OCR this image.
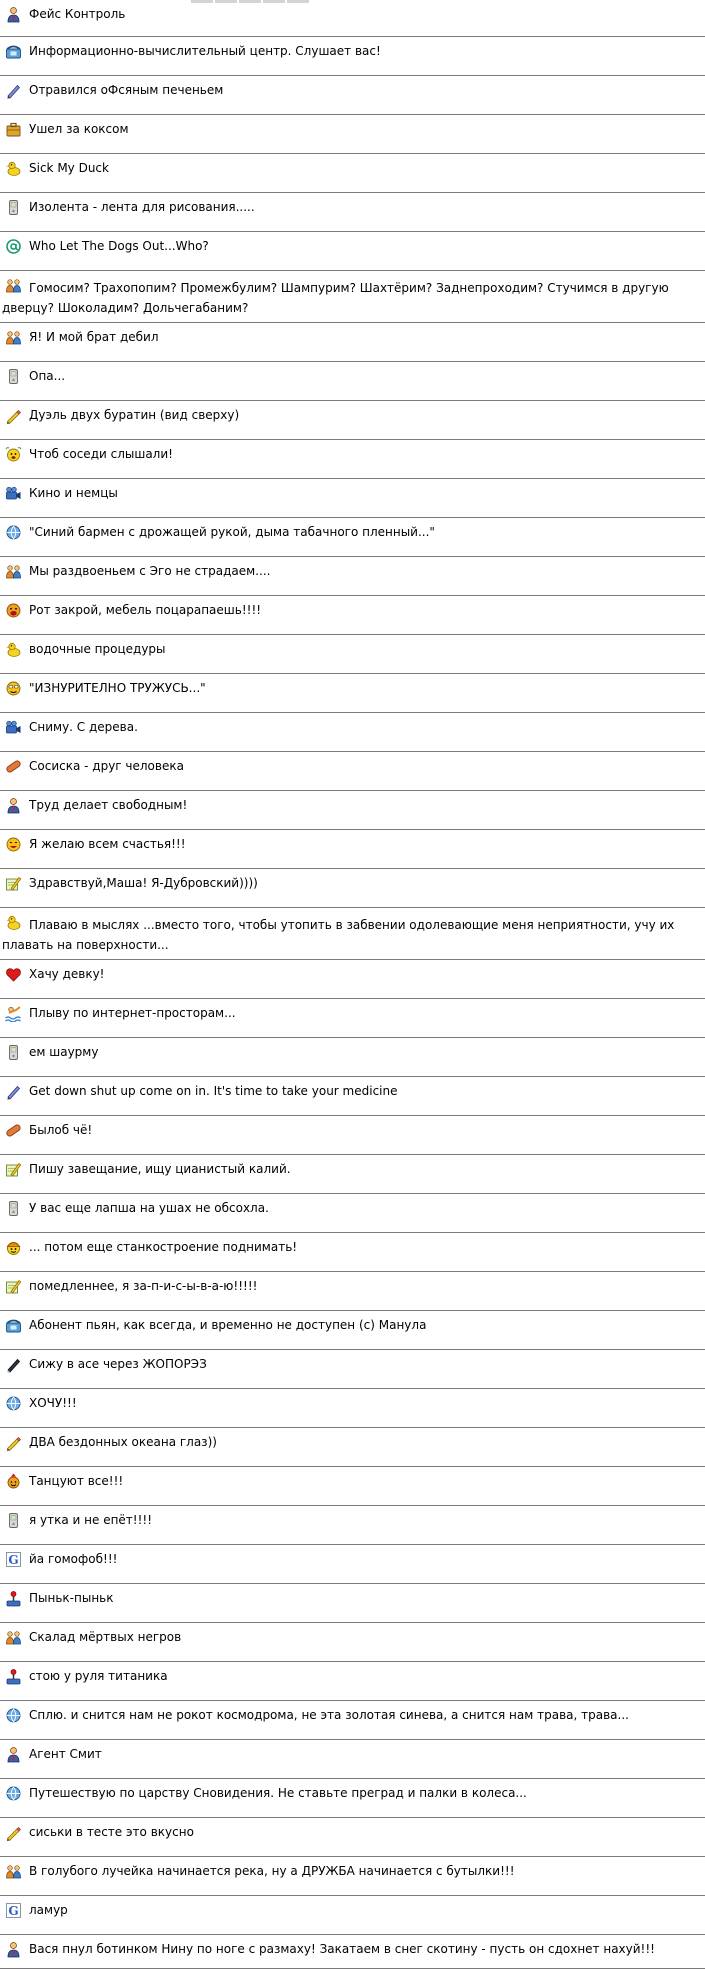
Фейс Контроль
Информационно-вычислительный центр. Слушает вас!
Отравился оФсяным печеньем
Ушел за коксом
Sick My Duck
Изолента - лента для рисования.....
Who Let The Dogs Out...Who?
Гомосим? Трахопопим? Промежбулим? Шампурим? Шахтёрим? Заднепроходим? Стучимся в другую дверцу? Шоколадим? Дольчегабаним?
Я! И мой брат дебил
Опа...
Дуэль двух буратин (вид сверху)
Чтоб соседи слышали!
Кино и немцы
"Синий бармен с дрожащей рукой, дыма табачного пленный..."
Мы раздвоеньем с Эго не страдаем....
Рот закрой, мебель поцарапаешь!!!!
водочные процедуры
"ИЗНУРИТЕЛНО ТРУЖУСЬ..."
Сниму. С дерева.
Сосиска - друг человека
Труд делает свободным!
Я желаю всем счастья!!!
Здравствуй,Маша! Я-Дубровский))))
Плаваю в мыслях ...вместо того, чтобы утопить в забвении одолевающие меня неприятности, учу их плавать на поверхности...
Хачу девку!
Плыву по интернет-просторам...
ем шаурму
Get down shut up come on in. It's time to take your medicine
Былоб чё!
Пишу завещание, ищу цианистый калий.
У вас еще лапша на ушах не обсохла.
... потом еще станкостроение поднимать!
помедленнее, я за-п-и-с-ы-в-а-ю!!!!!
Абонент пьян, как всегда, и временно не доступен (с) Манула
Сижу в асе через ЖОПОРЭЗ
ХОЧУ!!!
ДВА бездонных океана глаз))
Танцуют все!!!
я утка и не епёт!!!!
G йа гомофоб!!!
Пыньк-пыньк
Скалад мёртвых негров
стою у руля титаника
Сплю. и снится нам не рокот космодрома, не эта золотая синева, а снится нам трава, трава...
Агент Смит
Путешествую по царству Сновидения. Не ставьте преград и палки в колеса...
сиськи в тесте это вкусно
В голубого лучейка начинается река, ну а ДРУЖБА начинается с бутылки!!!
G ламур
Вася пнул ботинком Нину по ноге с размаху! Закатаем в снег скотину - пусть он сдохнет нахуй!!!
